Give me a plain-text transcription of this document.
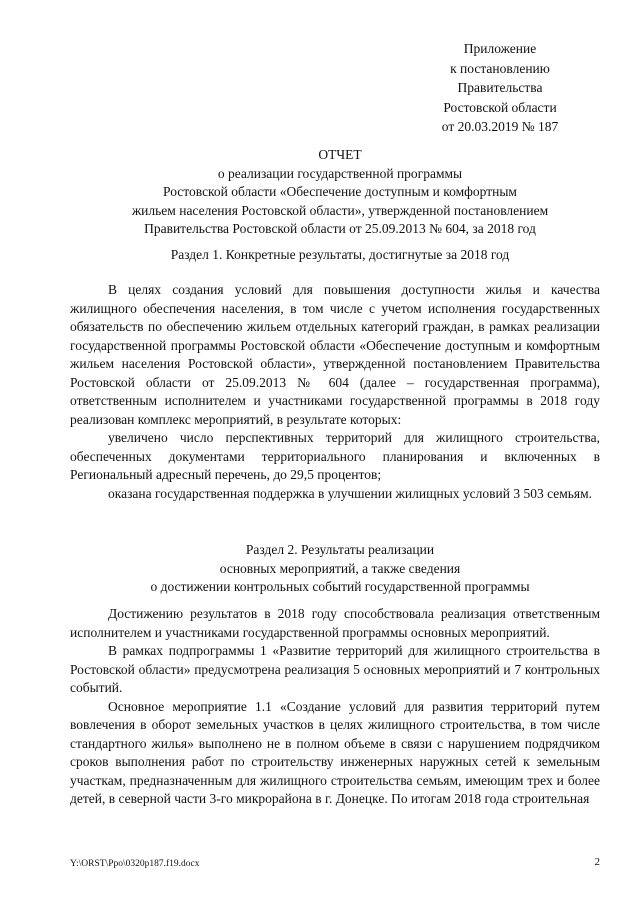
Приложение
к постановлению
Правительства
Ростовской области
от 20.03.2019 № 187
ОТЧЕТ
о реализации государственной программы
Ростовской области «Обеспечение доступным и комфортным
жильем населения Ростовской области», утвержденной постановлением
Правительства Ростовской области от 25.09.2013 № 604, за 2018 год
Раздел 1. Конкретные результаты, достигнутые за 2018 год

В целях создания условий для повышения доступности жилья и качества жилищного обеспечения населения, в том числе с учетом исполнения государственных обязательств по обеспечению жильем отдельных категорий граждан, в рамках реализации государственной программы Ростовской области «Обеспечение доступным и комфортным жильем населения Ростовской области», утвержденной постановлением Правительства Ростовской области от 25.09.2013 № 604 (далее – государственная программа), ответственным исполнителем и участниками государственной программы в 2018 году реализован комплекс мероприятий, в результате которых:

увеличено число перспективных территорий для жилищного строительства, обеспеченных документами территориального планирования и включенных в Региональный адресный перечень, до 29,5 процентов;

оказана государственная поддержка в улучшении жилищных условий 3 503 семьям.

Раздел 2. Результаты реализации
основных мероприятий, а также сведения
о достижении контрольных событий государственной программы

Достижению результатов в 2018 году способствовала реализация ответственным исполнителем и участниками государственной программы основных мероприятий.

В рамках подпрограммы 1 «Развитие территорий для жилищного строительства в Ростовской области» предусмотрена реализация 5 основных мероприятий и 7 контрольных событий.

Основное мероприятие 1.1 «Создание условий для развития территорий путем вовлечения в оборот земельных участков в целях жилищного строительства, в том числе стандартного жилья» выполнено не в полном объеме в связи с нарушением подрядчиком сроков выполнения работ по строительству инженерных наружных сетей к земельным участкам, предназначенным для жилищного строительства семьям, имеющим трех и более детей, в северной части 3-го микрорайона в г. Донецке. По итогам 2018 года строительная

Y:\ORST\Ppo\0320p187.f19.docx	2
